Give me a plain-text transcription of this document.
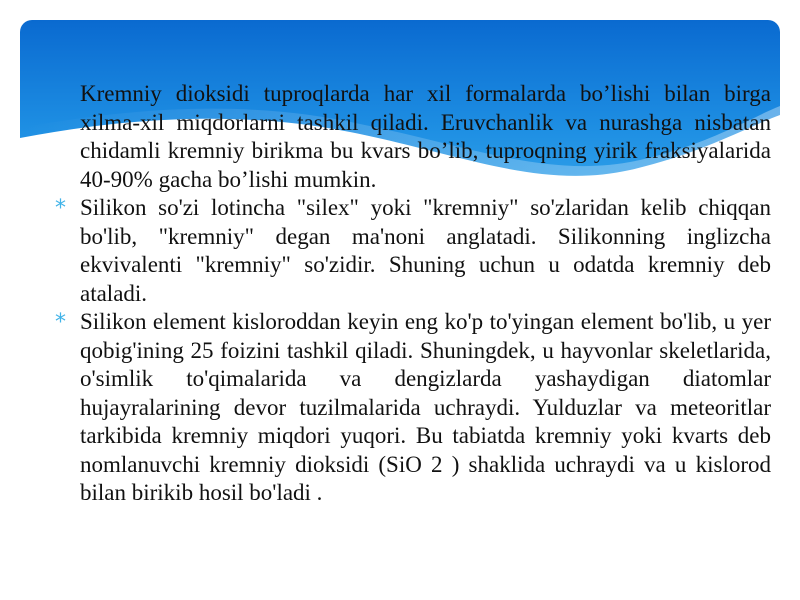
Kremniy dioksidi tuproqlarda har xil formalarda bo’lishi bilan birga xilma-xil miqdorlarni tashkil qiladi. Eruvchanlik va nurashga nisbatan chidamli kremniy birikma bu kvars bo’lib, tuproqning yirik fraksiyalarida 40-90% gacha bo’lishi mumkin.

* Silikon so'zi lotincha "silex" yoki "kremniy" so'zlaridan kelib chiqqan bo'lib, "kremniy" degan ma'noni anglatadi. Silikonning inglizcha ekvivalenti "kremniy" so'zidir. Shuning uchun u odatda kremniy deb ataladi.

* Silikon element kisloroddan keyin eng ko'p to'yingan element bo'lib, u yer qobig'ining 25 foizini tashkil qiladi. Shuningdek, u hayvonlar skeletlarida, o'simlik to'qimalarida va dengizlarda yashaydigan diatomlar hujayralarining devor tuzilmalarida uchraydi. Yulduzlar va meteoritlar tarkibida kremniy miqdori yuqori. Bu tabiatda kremniy yoki kvarts deb nomlanuvchi kremniy dioksidi (SiO 2 ) shaklida uchraydi va u kislorod bilan birikib hosil bo'ladi .
